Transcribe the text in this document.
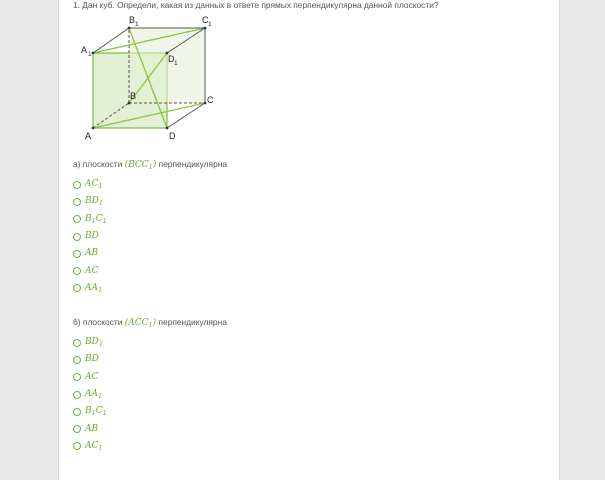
1. Дан куб. Определи, какая из данных в ответе прямых перпендикулярна данной плоскости?
A	D
B	C
A 1
B 1	C 1
D 1
а) плоскости $(BCC_1)$ перпендикулярна
$AC_1$
$BD_1$
$B_1C_1$
BD
AB
AC
$AA_1$
б) плоскости $(ACC_1)$ перпендикулярна
$BD_1$
BD
AC
$AA_1$
$B_1C_1$
AB
$AC_1$
